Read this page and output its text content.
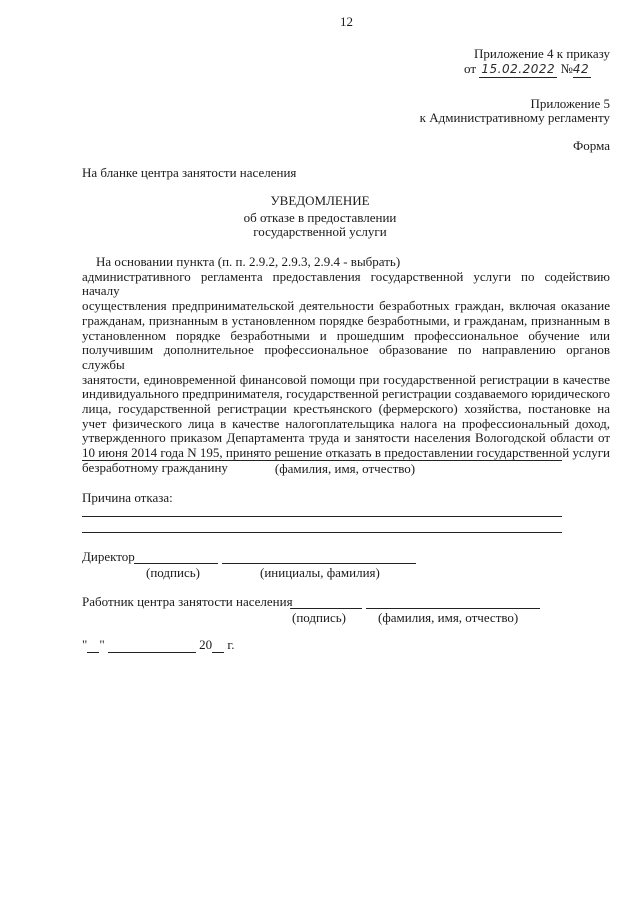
12
Приложение 4 к приказу
от 15.02.2022 №42
Приложение 5
к Административному регламенту
Форма
На бланке центра занятости населения
УВЕДОМЛЕНИЕ
об отказе в предоставлении
государственной услуги
На основании пункта (п. п. 2.9.2, 2.9.3, 2.9.4 - выбрать)
административного регламента предоставления государственной услуги по содействию началу
осуществления предпринимательской деятельности безработных граждан, включая оказание
гражданам, признанным в установленном порядке безработными, и гражданам, признанным в
установленном порядке безработными и прошедшим профессиональное обучение или
получившим дополнительное профессиональное образование по направлению органов службы
занятости, единовременной финансовой помощи при государственной регистрации в качестве
индивидуального предпринимателя, государственной регистрации создаваемого юридического
лица, государственной регистрации крестьянского (фермерского) хозяйства, постановке на
учет физического лица в качестве налогоплательщика налога на профессиональный доход,
утвержденного приказом Департамента труда и занятости населения Вологодской области от
10 июня 2014 года N 195, принято решение отказать в предоставлении государственной услуги
безработному гражданину	(фамилия, имя, отчество)
Причина отказа:
Директор
(подпись)	(инициалы, фамилия)
Работник центра занятости населения
(подпись) (фамилия, имя, отчество)
" "	20 г.
